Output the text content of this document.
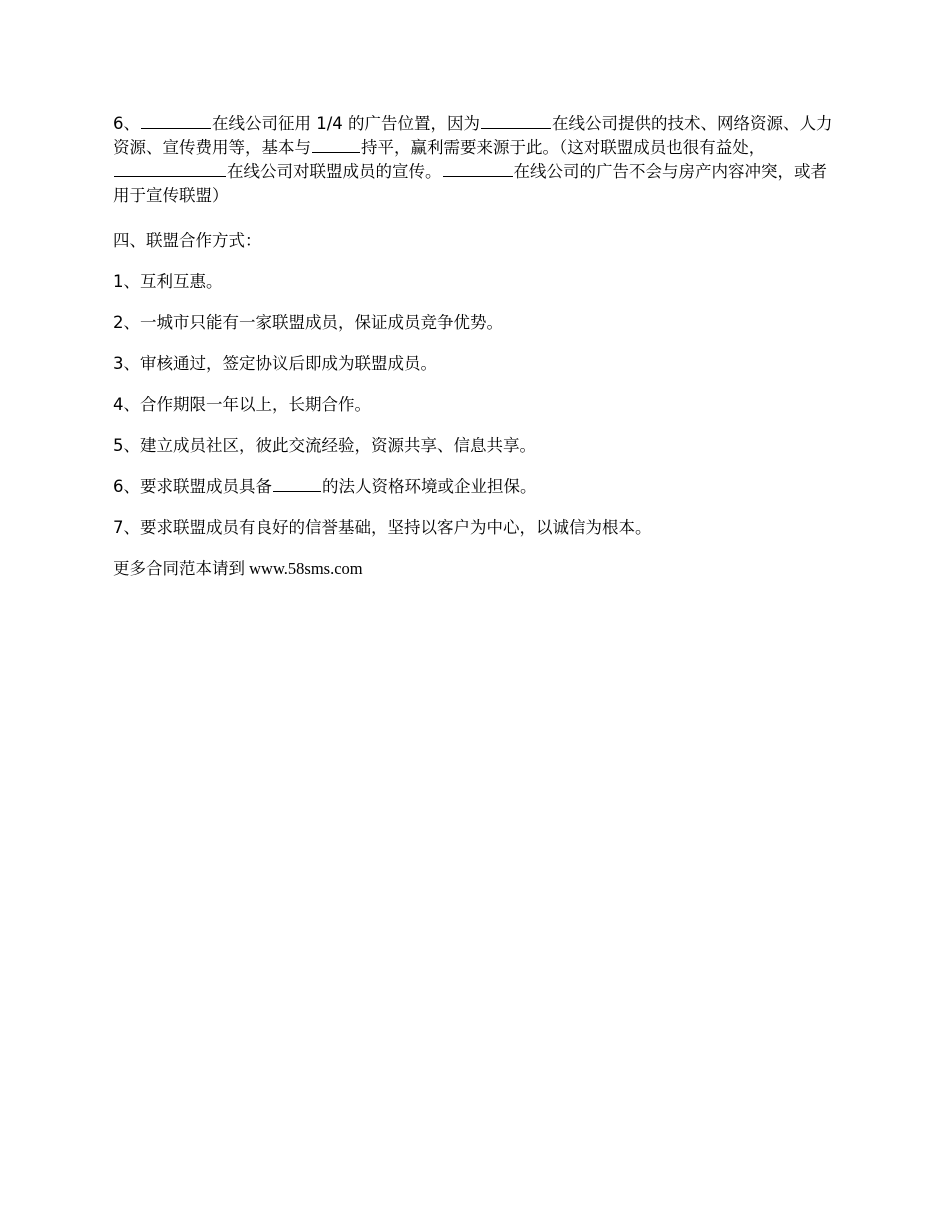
6、	在线公司征用 1/4 的广告位置，因为	在线公司提供的技术、网络资源、人力资源、宣传费用等，基本与	持平，赢利需要来源于此。（这对联盟成员也很有益处，在线公司对联盟成员的宣传。	在线公司的广告不会与房产内容冲突，或者用于宣传联盟）

四、联盟合作方式：

1、互利互惠。

2、一城市只能有一家联盟成员，保证成员竞争优势。

3、审核通过，签定协议后即成为联盟成员。

4、合作期限一年以上，长期合作。

5、建立成员社区，彼此交流经验，资源共享、信息共享。

6、要求联盟成员具备	的法人资格环境或企业担保。

7、要求联盟成员有良好的信誉基础，坚持以客户为中心，以诚信为根本。

更多合同范本请到 www.58sms.com
